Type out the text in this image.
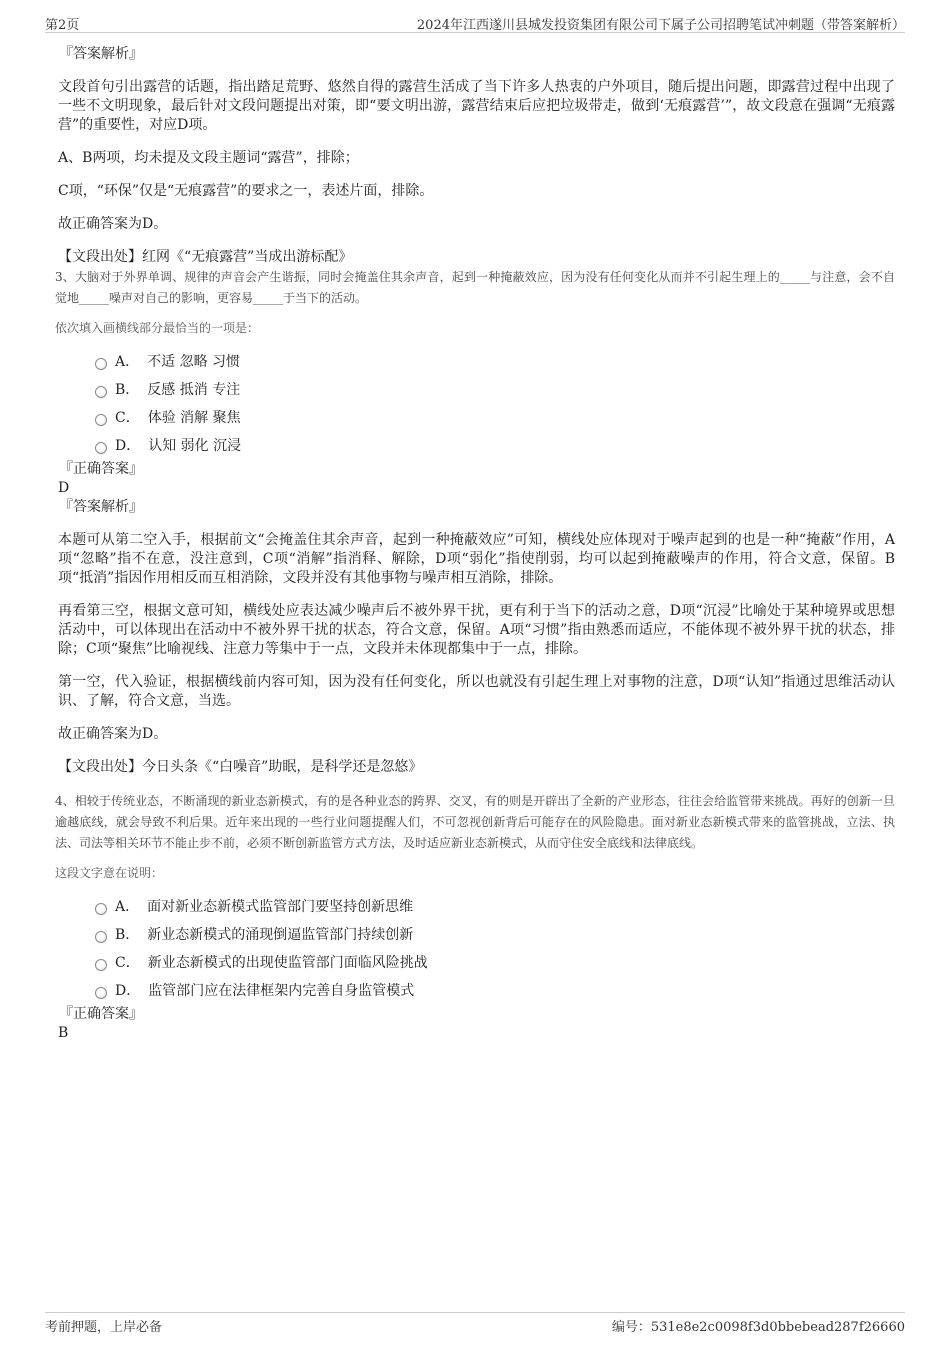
第2页	2024年江西遂川县城发投资集团有限公司下属子公司招聘笔试冲刺题（带答案解析）

『答案解析』

文段首句引出露营的话题，指出踏足荒野、悠然自得的露营生活成了当下许多人热衷的户外项目，随后提出问题，即露营过程中出现了一些不文明现象，最后针对文段问题提出对策，即“要文明出游，露营结束后应把垃圾带走，做到‘无痕露营’”，故文段意在强调“无痕露营”的重要性，对应D项。

A、B两项，均未提及文段主题词“露营”，排除；

C项，“环保”仅是“无痕露营”的要求之一，表述片面，排除。

故正确答案为D。

【文段出处】红网《“无痕露营”当成出游标配》

3、大脑对于外界单调、规律的声音会产生谐振，同时会掩盖住其余声音，起到一种掩蔽效应，因为没有任何变化从而并不引起生理上的_____与注意，会不自觉地_____噪声对自己的影响，更容易_____于当下的活动。

依次填入画横线部分最恰当的一项是：

A． 不适 忽略 习惯
B． 反感 抵消 专注
C． 体验 消解 聚焦
D． 认知 弱化 沉浸

『正确答案』

D

『答案解析』

本题可从第二空入手，根据前文“会掩盖住其余声音，起到一种掩蔽效应”可知，横线处应体现对于噪声起到的也是一种“掩蔽”作用，A项“忽略”指不在意，没注意到，C项“消解”指消释、解除，D项“弱化”指使削弱，均可以起到掩蔽噪声的作用，符合文意，保留。B项“抵消”指因作用相反而互相消除，文段并没有其他事物与噪声相互消除，排除。

再看第三空，根据文意可知，横线处应表达减少噪声后不被外界干扰，更有利于当下的活动之意，D项“沉浸”比喻处于某种境界或思想活动中，可以体现出在活动中不被外界干扰的状态，符合文意，保留。A项“习惯”指由熟悉而适应，不能体现不被外界干扰的状态，排除；C项“聚焦”比喻视线、注意力等集中于一点，文段并未体现都集中于一点，排除。

第一空，代入验证，根据横线前内容可知，因为没有任何变化，所以也就没有引起生理上对事物的注意，D项“认知”指通过思维活动认识、了解，符合文意，当选。

故正确答案为D。

【文段出处】今日头条《“白噪音”助眠，是科学还是忽悠》

4、相较于传统业态，不断涌现的新业态新模式，有的是各种业态的跨界、交叉，有的则是开辟出了全新的产业形态，往往会给监管带来挑战。再好的创新一旦逾越底线，就会导致不利后果。近年来出现的一些行业问题提醒人们，不可忽视创新背后可能存在的风险隐患。面对新业态新模式带来的监管挑战，立法、执法、司法等相关环节不能止步不前，必须不断创新监管方式方法，及时适应新业态新模式，从而守住安全底线和法律底线。

这段文字意在说明：

A． 面对新业态新模式监管部门要坚持创新思维
B． 新业态新模式的涌现倒逼监管部门持续创新
C． 新业态新模式的出现使监管部门面临风险挑战
D． 监管部门应在法律框架内完善自身监管模式

『正确答案』

B

考前押题，上岸必备	编号：531e8e2c0098f3d0bbebead287f26660
